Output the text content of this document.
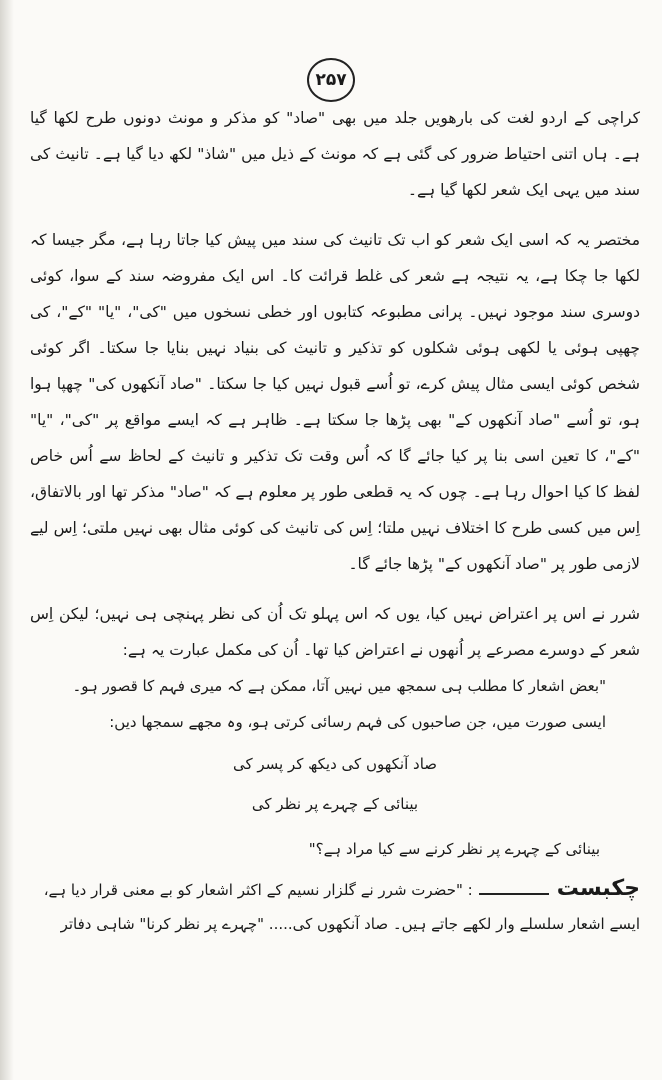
۲۵۷

کراچی کے اردو لغت کی بارھویں جلد میں بھی "صاد" کو مذکر و مونث دونوں طرح لکھا گیا ہے۔ ہاں اتنی احتیاط ضرور کی گئی ہے کہ مونث کے ذیل میں "شاذ" لکھ دیا گیا ہے۔ تانیث کی سند میں یہی ایک شعر لکھا گیا ہے۔

مختصر یہ کہ اسی ایک شعر کو اب تک تانیث کی سند میں پیش کیا جاتا رہا ہے، مگر جیسا کہ لکھا جا چکا ہے، یہ نتیجہ ہے شعر کی غلط قرائت کا۔ اس ایک مفروضہ سند کے سوا، کوئی دوسری سند موجود نہیں۔ پرانی مطبوعہ کتابوں اور خطی نسخوں میں "کی"، "یا" "کے"، کی چھپی ہوئی یا لکھی ہوئی شکلوں کو تذکیر و تانیث کی بنیاد نہیں بنایا جا سکتا۔ اگر کوئی شخص کوئی ایسی مثال پیش کرے، تو اُسے قبول نہیں کیا جا سکتا۔ "صاد آنکھوں کی" چھپا ہوا ہو، تو اُسے "صاد آنکھوں کے" بھی پڑھا جا سکتا ہے۔ ظاہر ہے کہ ایسے مواقع پر "کی"، "یا" "کے"، کا تعین اسی بنا پر کیا جائے گا کہ اُس وقت تک تذکیر و تانیث کے لحاظ سے اُس خاص لفظ کا کیا احوال رہا ہے۔ چوں کہ یہ قطعی طور پر معلوم ہے کہ "صاد" مذکر تھا اور بالاتفاق، اِس میں کسی طرح کا اختلاف نہیں ملتا؛ اِس کی تانیث کی کوئی مثال بھی نہیں ملتی؛ اِس لیے لازمی طور پر "صاد آنکھوں کے" پڑھا جائے گا۔

شرر نے اس پر اعتراض نہیں کیا، یوں کہ اس پہلو تک اُن کی نظر پہنچی ہی نہیں؛ لیکن اِس شعر کے دوسرے مصرعے پر اُنھوں نے اعتراض کیا تھا۔ اُن کی مکمل عبارت یہ ہے:

"بعض اشعار کا مطلب ہی سمجھ میں نہیں آتا، ممکن ہے کہ میری فہم کا قصور ہو۔ ایسی صورت میں، جن صاحبوں کی فہم رسائی کرتی ہو، وہ مجھے سمجھا دیں:

صاد آنکھوں کی دیکھ کر پسر کی

بینائی کے چہرے پر نظر کی

بینائی کے چہرے پر نظر کرنے سے کیا مراد ہے؟"

چکبست
: "حضرت شرر نے گلزار نسیم کے اکثر اشعار کو بے معنی قرار دیا ہے،

ایسے اشعار سلسلے وار لکھے جاتے ہیں۔ صاد آنکھوں کی..... "چہرے پر نظر کرنا" شاہی دفاتر
